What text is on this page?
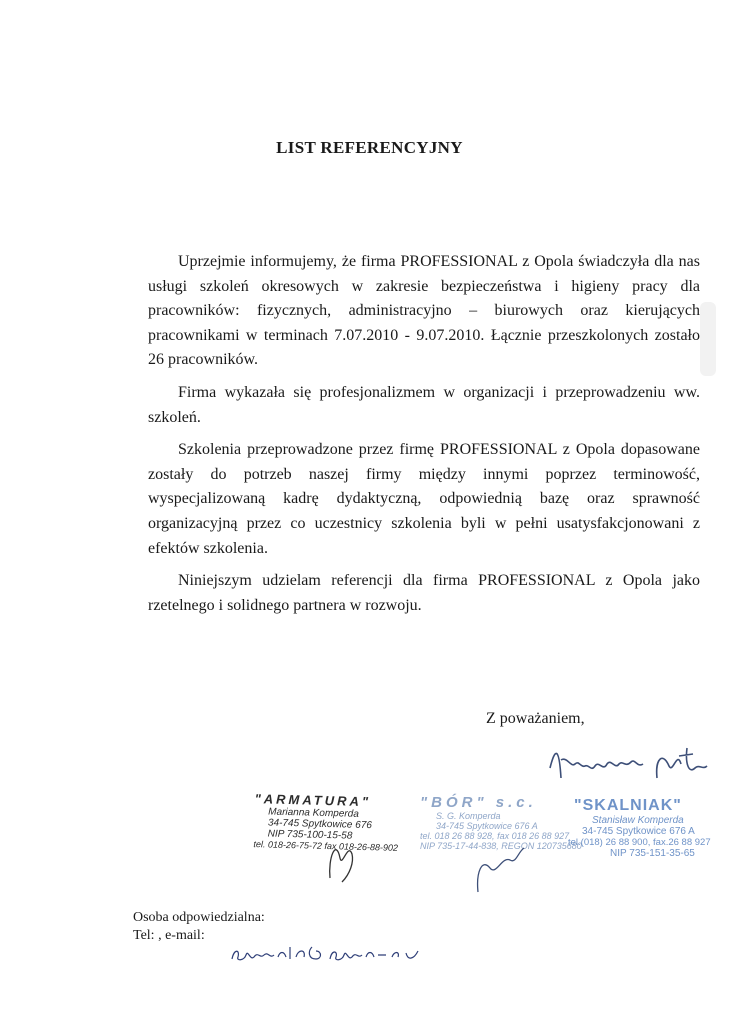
LIST REFERENCYJNY

Uprzejmie informujemy, że firma PROFESSIONAL z Opola świadczyła dla nas usługi szkoleń okresowych w zakresie bezpieczeństwa i higieny pracy dla pracowników: fizycznych, administracyjno – biurowych oraz kierujących pracownikami w terminach 7.07.2010 - 9.07.2010. Łącznie przeszkolonych zostało 26 pracowników.

Firma wykazała się profesjonalizmem w organizacji i przeprowadzeniu ww. szkoleń.

Szkolenia przeprowadzone przez firmę PROFESSIONAL z Opola dopasowane zostały do potrzeb naszej firmy między innymi poprzez terminowość, wyspecjalizowaną kadrę dydaktyczną, odpowiednią bazę oraz sprawność organizacyjną przez co uczestnicy szkolenia byli w pełni usatysfakcjonowani z efektów szkolenia.

Niniejszym udzielam referencji dla firma PROFESSIONAL z Opola jako rzetelnego i solidnego partnera w rozwoju.

Z poważaniem,
"ARMATURA"
Marianna Komperda
34-745 Spytkowice 676
NIP 735-100-15-58
tel. 018-26-75-72 fax 018-26-88-902
"BÓR" s.c.
S. G. Komperda
34-745 Spytkowice 676 A
tel. 018 26 88 928, fax 018 26 88 927
NIP 735-17-44-838, REGON 120735680
"SKALNIAK"
Stanisław Komperda
34-745 Spytkowice 676 A
tel.(018) 26 88 900, fax.26 88 927
NIP 735-151-35-65
Osoba odpowiedzialna:
Tel: , e-mail:
